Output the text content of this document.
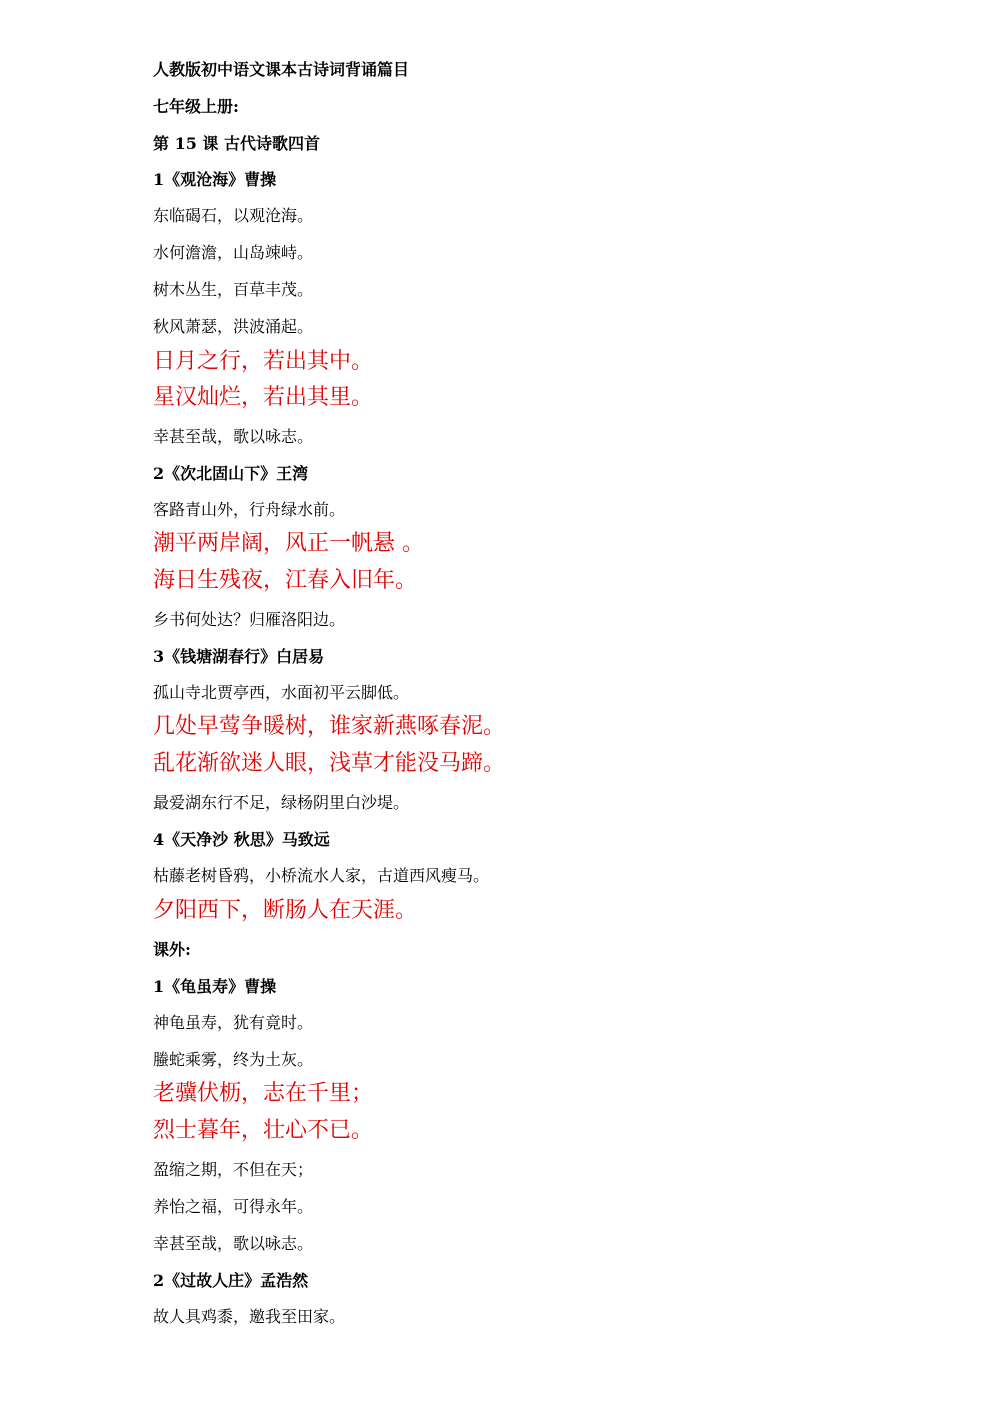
人教版初中语文课本古诗词背诵篇目
七年级上册:
第 15 课 古代诗歌四首
1《观沧海》曹操
东临碣石，以观沧海。
水何澹澹，山岛竦峙。
树木丛生，百草丰茂。
秋风萧瑟，洪波涌起。
日月之行，若出其中。
星汉灿烂，若出其里。
幸甚至哉，歌以咏志。
2《次北固山下》王湾
客路青山外，行舟绿水前。
潮平两岸阔，风正一帆悬 。
海日生残夜，江春入旧年。
乡书何处达？归雁洛阳边。
3《钱塘湖春行》白居易
孤山寺北贾亭西，水面初平云脚低。
几处早莺争暖树，谁家新燕啄春泥。
乱花渐欲迷人眼，浅草才能没马蹄。
最爱湖东行不足，绿杨阴里白沙堤。
4《天净沙 秋思》马致远
枯藤老树昏鸦，小桥流水人家，古道西风瘦马。
夕阳西下，断肠人在天涯。
课外:
1《龟虽寿》曹操
神龟虽寿，犹有竟时。
螣蛇乘雾，终为土灰。
老骥伏枥，志在千里；
烈士暮年，壮心不已。
盈缩之期，不但在天；
养怡之福，可得永年。
幸甚至哉，歌以咏志。
2《过故人庄》孟浩然
故人具鸡黍，邀我至田家。
